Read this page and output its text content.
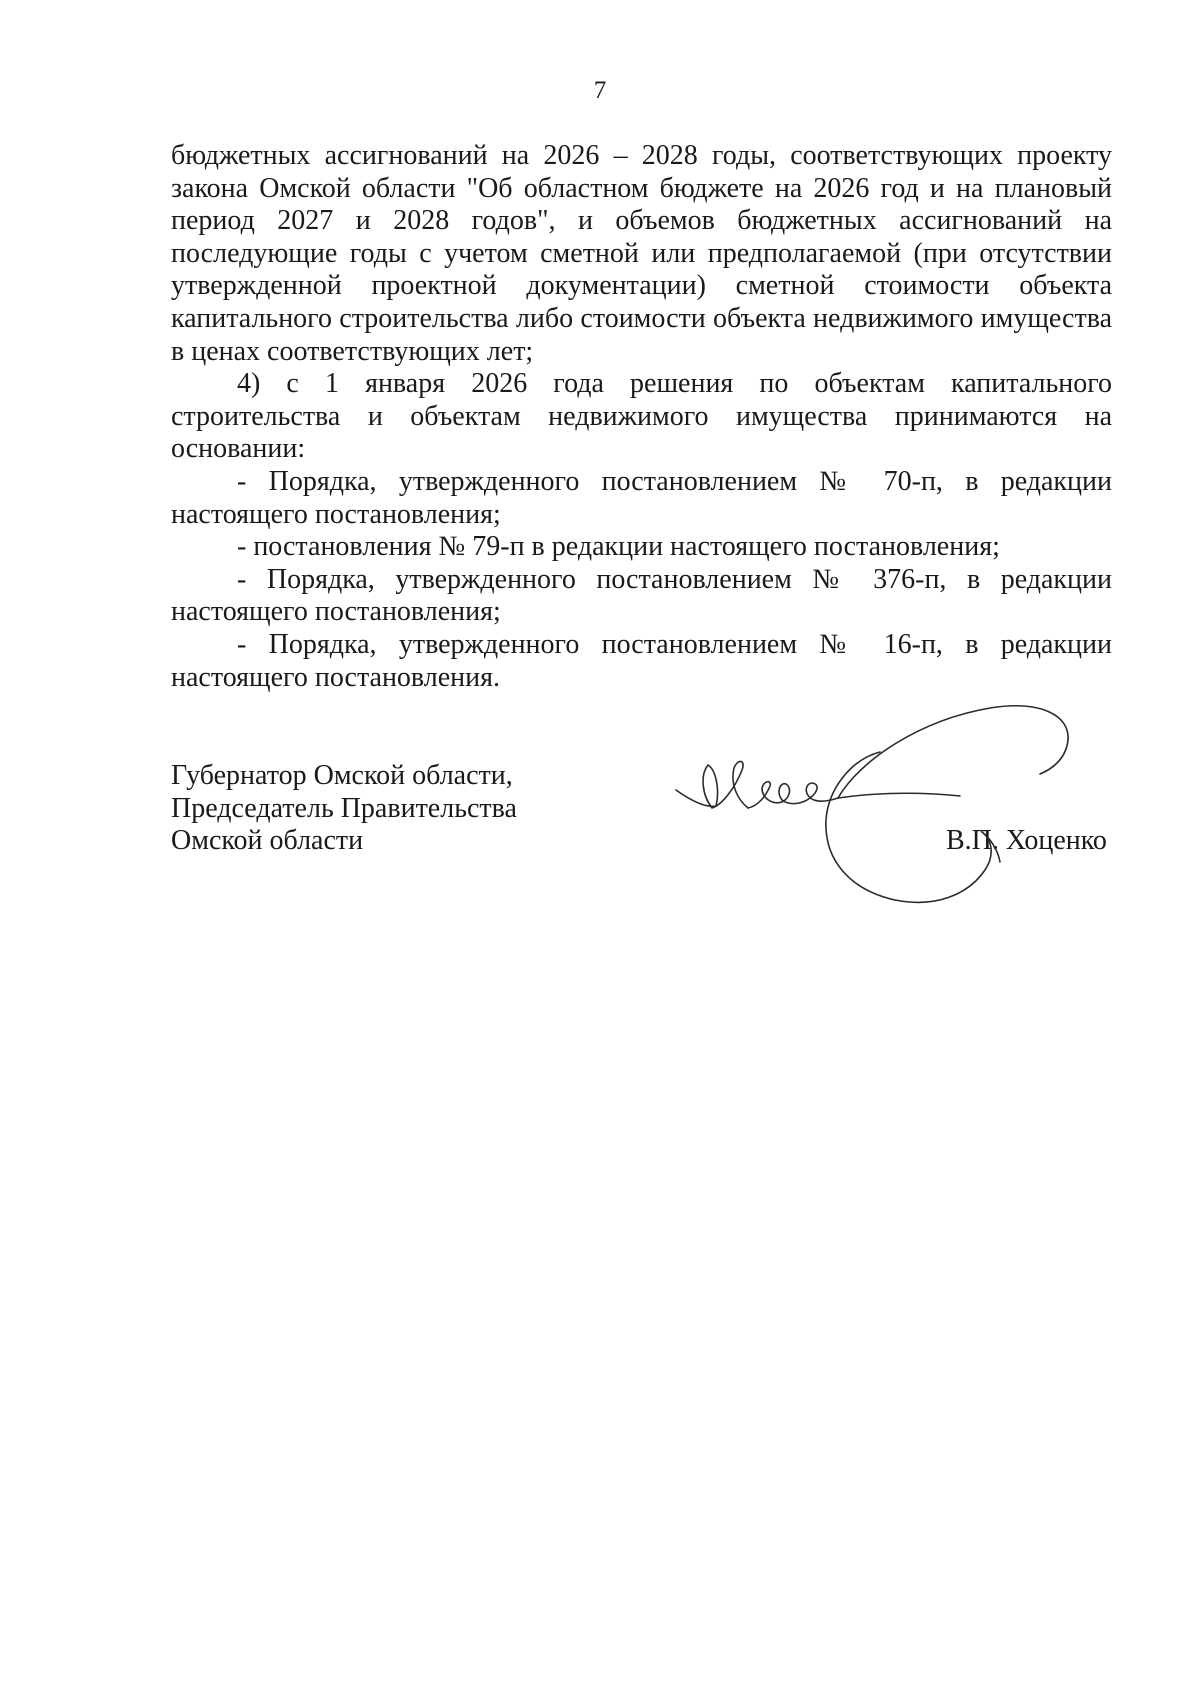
7

бюджетных ассигнований на 2026 – 2028 годы, соответствующих проекту закона Омской области "Об областном бюджете на 2026 год и на плановый период 2027 и 2028 годов", и объемов бюджетных ассигнований на последующие годы с учетом сметной или предполагаемой (при отсутствии утвержденной проектной документации) сметной стоимости объекта капитального строительства либо стоимости объекта недвижимого имущества в ценах соответствующих лет;

4) с 1 января 2026 года решения по объектам капитального строительства и объектам недвижимого имущества принимаются на основании:

- Порядка, утвержденного постановлением № 70-п, в редакции настоящего постановления;

- постановления № 79-п в редакции настоящего постановления;

- Порядка, утвержденного постановлением № 376-п, в редакции настоящего постановления;

- Порядка, утвержденного постановлением № 16-п, в редакции настоящего постановления.

Губернатор Омской области,
Председатель Правительства
Омской области	В.П. Хоценко
